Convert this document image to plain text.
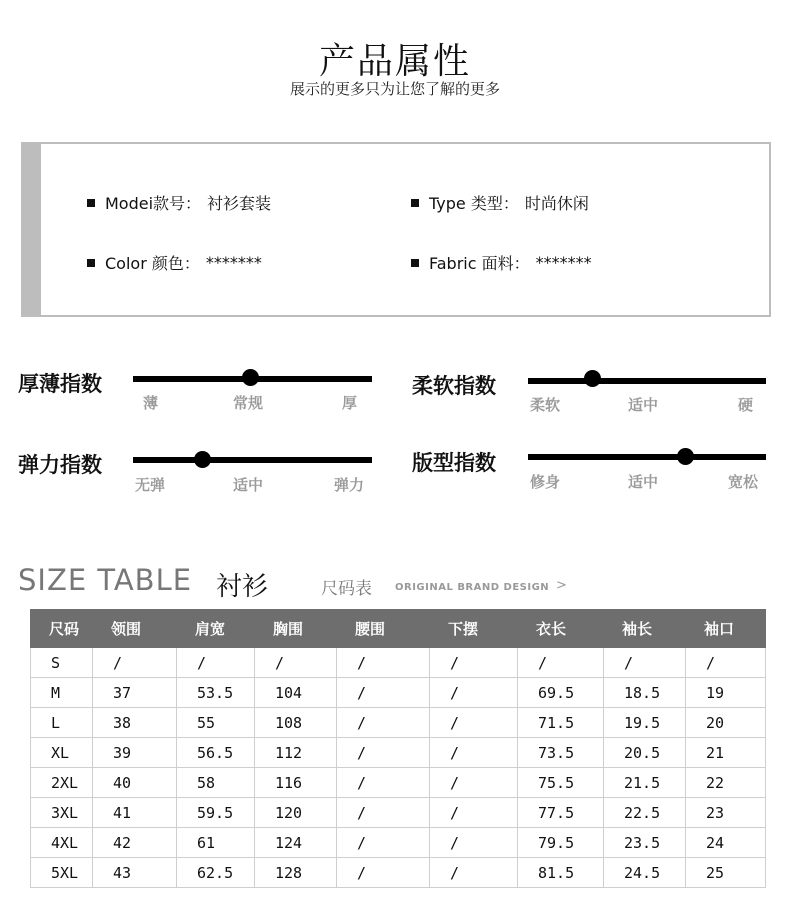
产品属性
展示的更多只为让您了解的更多
Modei款号： 衬衫套装	Type 类型： 时尚休闲
Color 颜色： *******	Fabric 面料： *******
厚薄指数
薄	常规	厚
柔软指数
柔软	适中	硬
弹力指数
无弹	适中	弹力
版型指数
修身	适中	宽松
SIZE TABLE 衬衫	尺码表 ORIGINAL BRAND DESIGN >
尺码	领围	肩宽	胸围	腰围	下摆	衣长	袖长	袖口
S	/	/	/	/	/	/	/	/
M	37	53.5	104	/	/	69.5	18.5	19
L	38	55	108	/	/	71.5	19.5	20
XL	39	56.5	112	/	/	73.5	20.5	21
2XL	40	58	116	/	/	75.5	21.5	22
3XL	41	59.5	120	/	/	77.5	22.5	23
4XL	42	61	124	/	/	79.5	23.5	24
5XL	43	62.5	128	/	/	81.5	24.5	25
